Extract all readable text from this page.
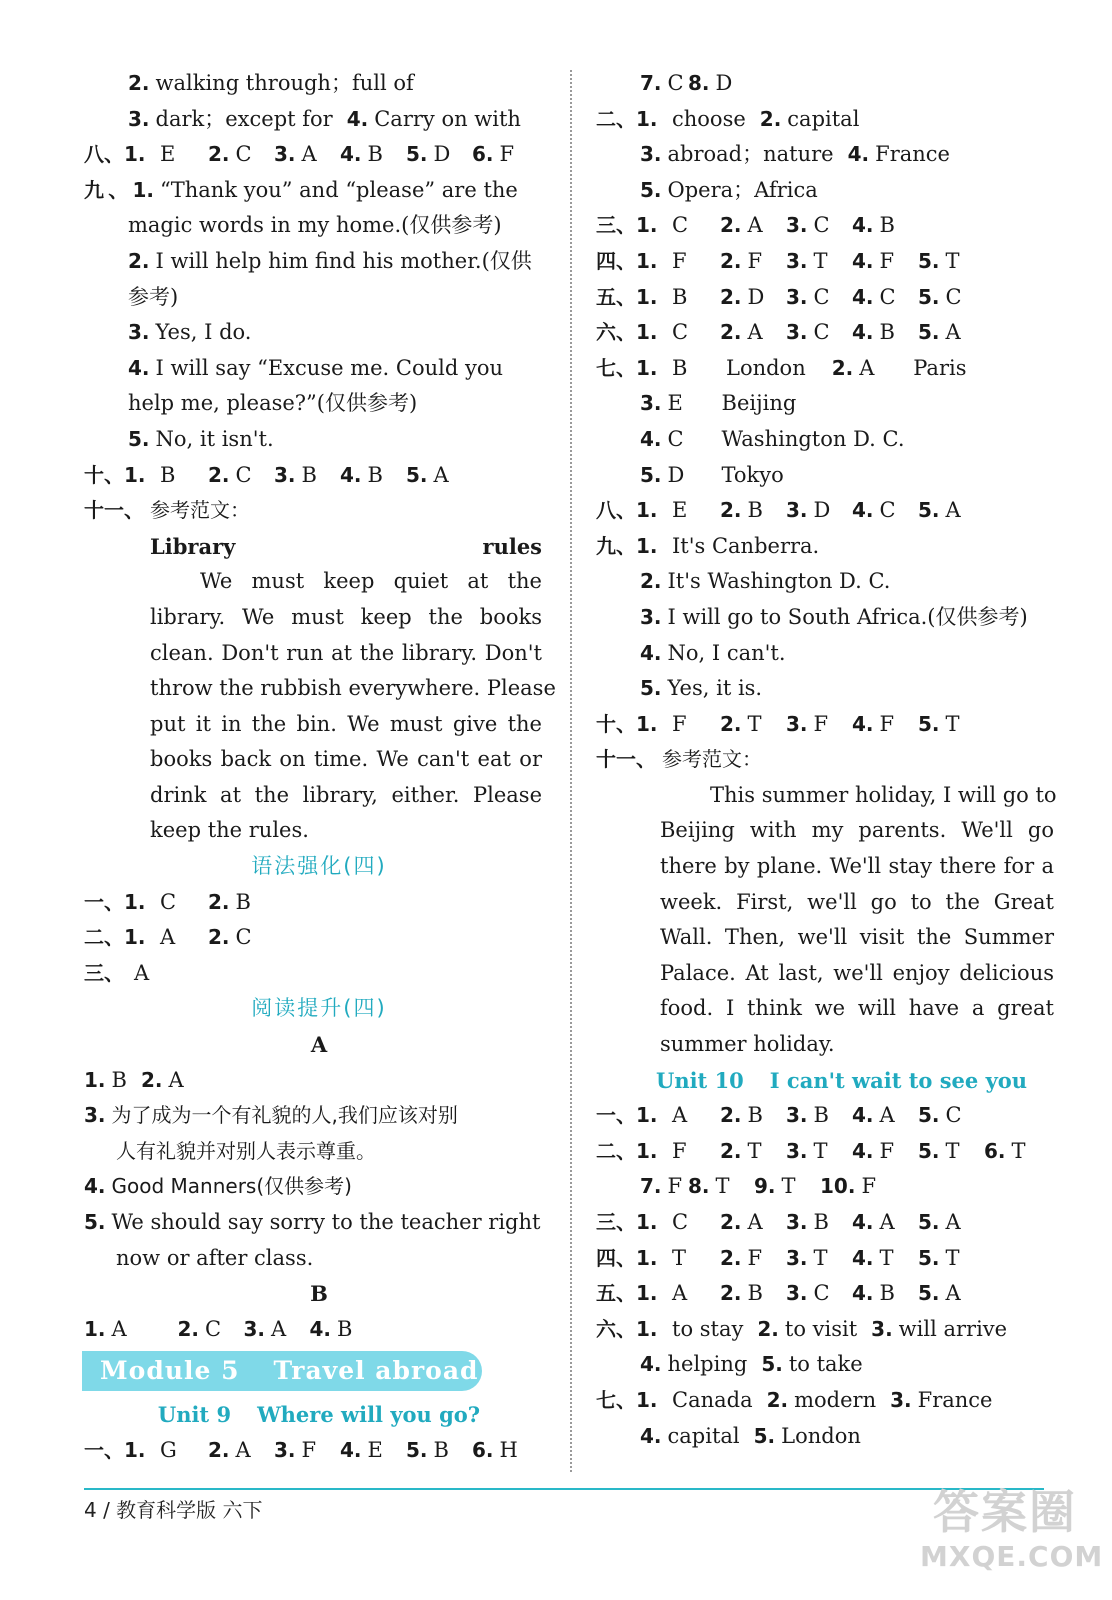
2. walking through；full of
3. dark；except for 4. Carry on with
八、1. E 2. C 3. A 4. B 5. D 6. F
九、1. “Thank you” and “please” are the
magic words in my home.(仅供参考)
2. I will help him find his mother.(仅供
参考)
3. Yes, I do.
4. I will say “Excuse me. Could you
help me, please?”(仅供参考)
5. No, it isn't.
十、1. B 2. C 3. B 4. B 5. A
十一、 参考范文：
Library rules
We must keep quiet at the
library. We must keep the books
clean. Don't run at the library. Don't
throw the rubbish everywhere. Please
put it in the bin. We must give the
books back on time. We can't eat or
drink at the library, either. Please
keep the rules.
语法强化(四)
一、1. C 2. B
二、1. A 2. C
三、 A
阅读提升(四)
A
1. B 2. A
3. 为了成为一个有礼貌的人,我们应该对别
人有礼貌并对别人表示尊重。
4. Good Manners(仅供参考)
5. We should say sorry to the teacher right
now or after class.
B
1. A	2. C 3. A 4. B
Module 5 Travel abroad
Unit 9 Where will you go?
一、1. G 2. A 3. F 4. E 5. B 6. H
7. C 8. D
二、1. choose 2. capital
3. abroad；nature 4. France
5. Opera；Africa
三、1. C 2. A 3. C 4. B
四、1. F 2. F 3. T 4. F 5. T
五、1. B 2. D 3. C 4. C 5. C
六、1. C 2. A 3. C 4. B 5. A
七、1. B London 2. A Paris
3. E Beijing
4. C Washington D. C.
5. D Tokyo
八、1. E 2. B 3. D 4. C 5. A
九、1. It's Canberra.
2. It's Washington D. C.
3. I will go to South Africa.(仅供参考)
4. No, I can't.
5. Yes, it is.
十、1. F 2. T 3. F 4. F 5. T
十一、 参考范文：
This summer holiday, I will go to
Beijing with my parents. We'll go
there by plane. We'll stay there for a
week. First, we'll go to the Great
Wall. Then, we'll visit the Summer
Palace. At last, we'll enjoy delicious
food. I think we will have a great
summer holiday.
Unit 10 I can't wait to see you
一、1. A 2. B 3. B 4. A 5. C
二、1. F 2. T 3. T 4. F 5. T 6. T
7. F 8. T 9. T 10. F
三、1. C 2. A 3. B 4. A 5. A
四、1. T 2. F 3. T 4. T 5. T
五、1. A 2. B 3. C 4. B 5. A
六、1. to stay 2. to visit 3. will arrive
4. helping 5. to take
七、1. Canada 2. modern 3. France
4. capital 5. London
4 / 教育科学版 六下	答案圈
MXQE.COM
